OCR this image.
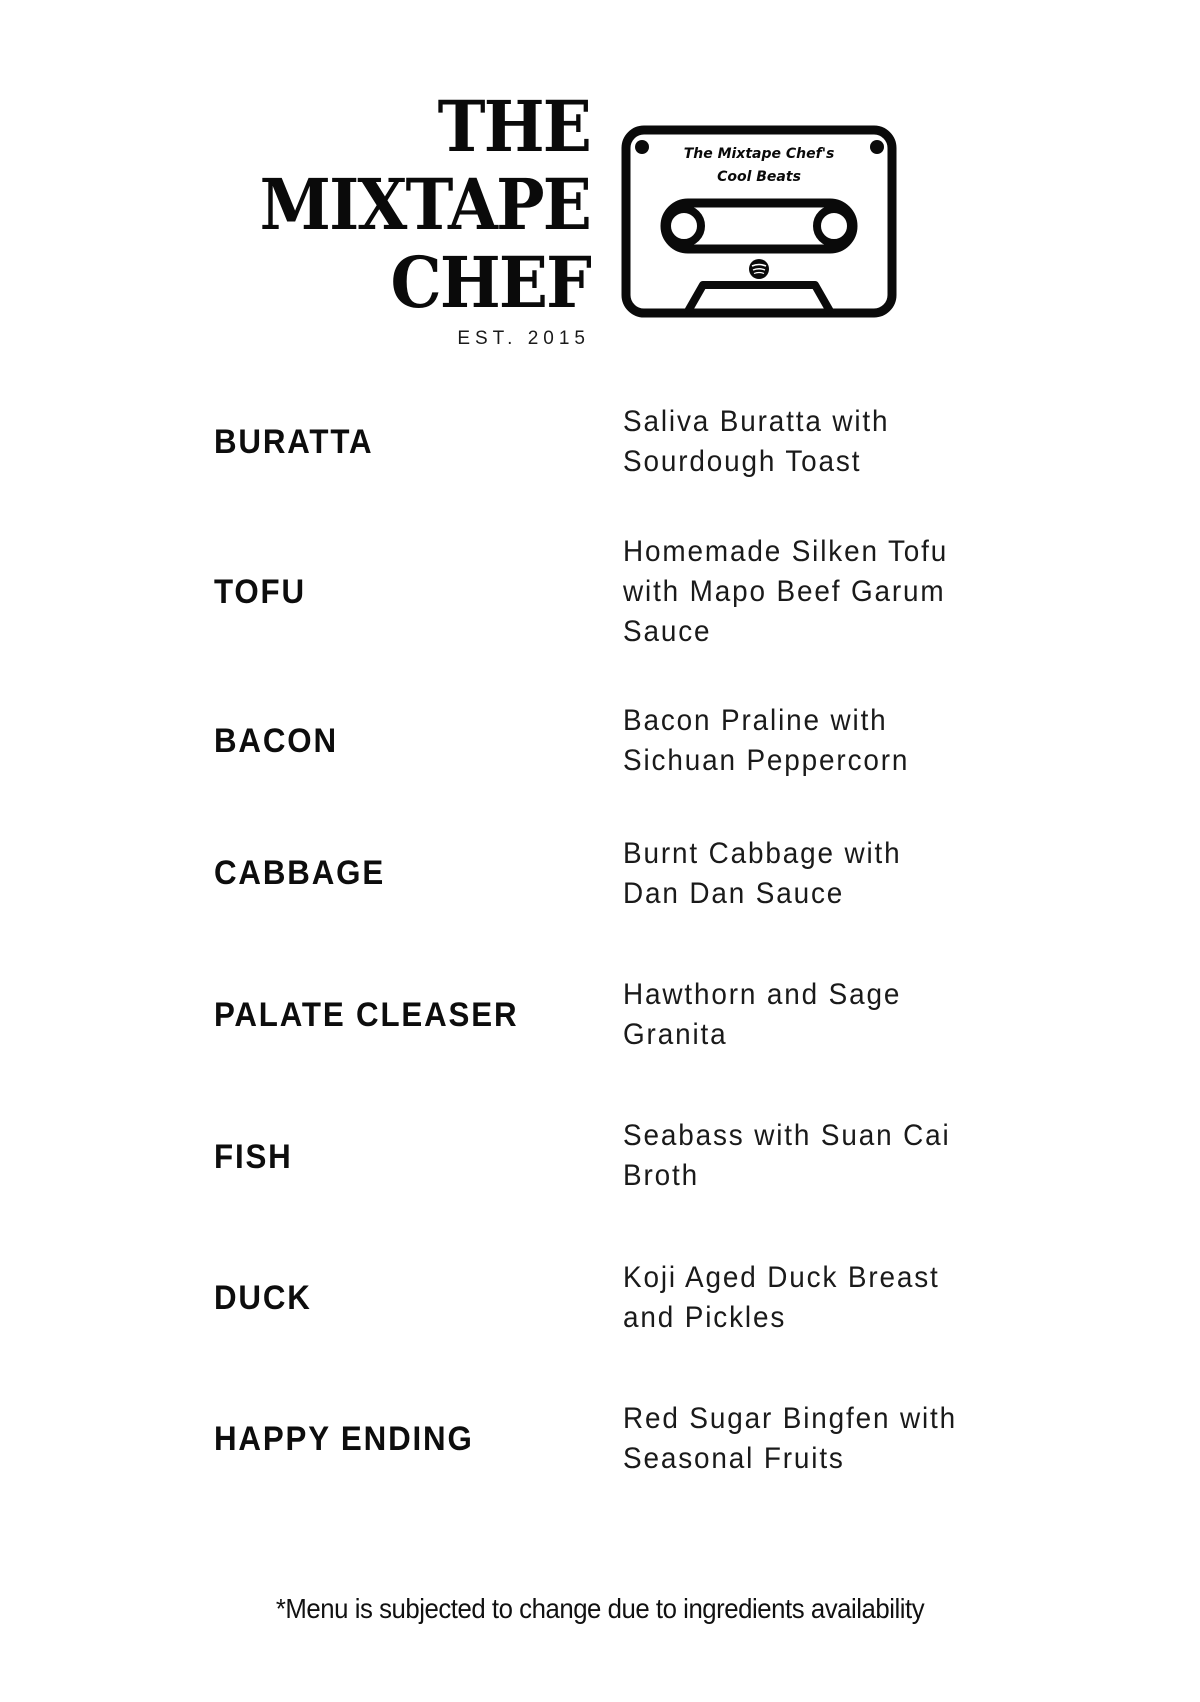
THE
MIXTAPE
CHEF
EST. 2015
The Mixtape Chef's
Cool Beats
BURATTA
Saliva Buratta with
Sourdough Toast
TOFU
Homemade Silken Tofu
with Mapo Beef Garum
Sauce
BACON
Bacon Praline with
Sichuan Peppercorn
CABBAGE
Burnt Cabbage with
Dan Dan Sauce
PALATE CLEASER
Hawthorn and Sage
Granita
FISH
Seabass with Suan Cai
Broth
DUCK
Koji Aged Duck Breast
and Pickles
HAPPY ENDING
Red Sugar Bingfen with
Seasonal Fruits
*Menu is subjected to change due to ingredients availability
